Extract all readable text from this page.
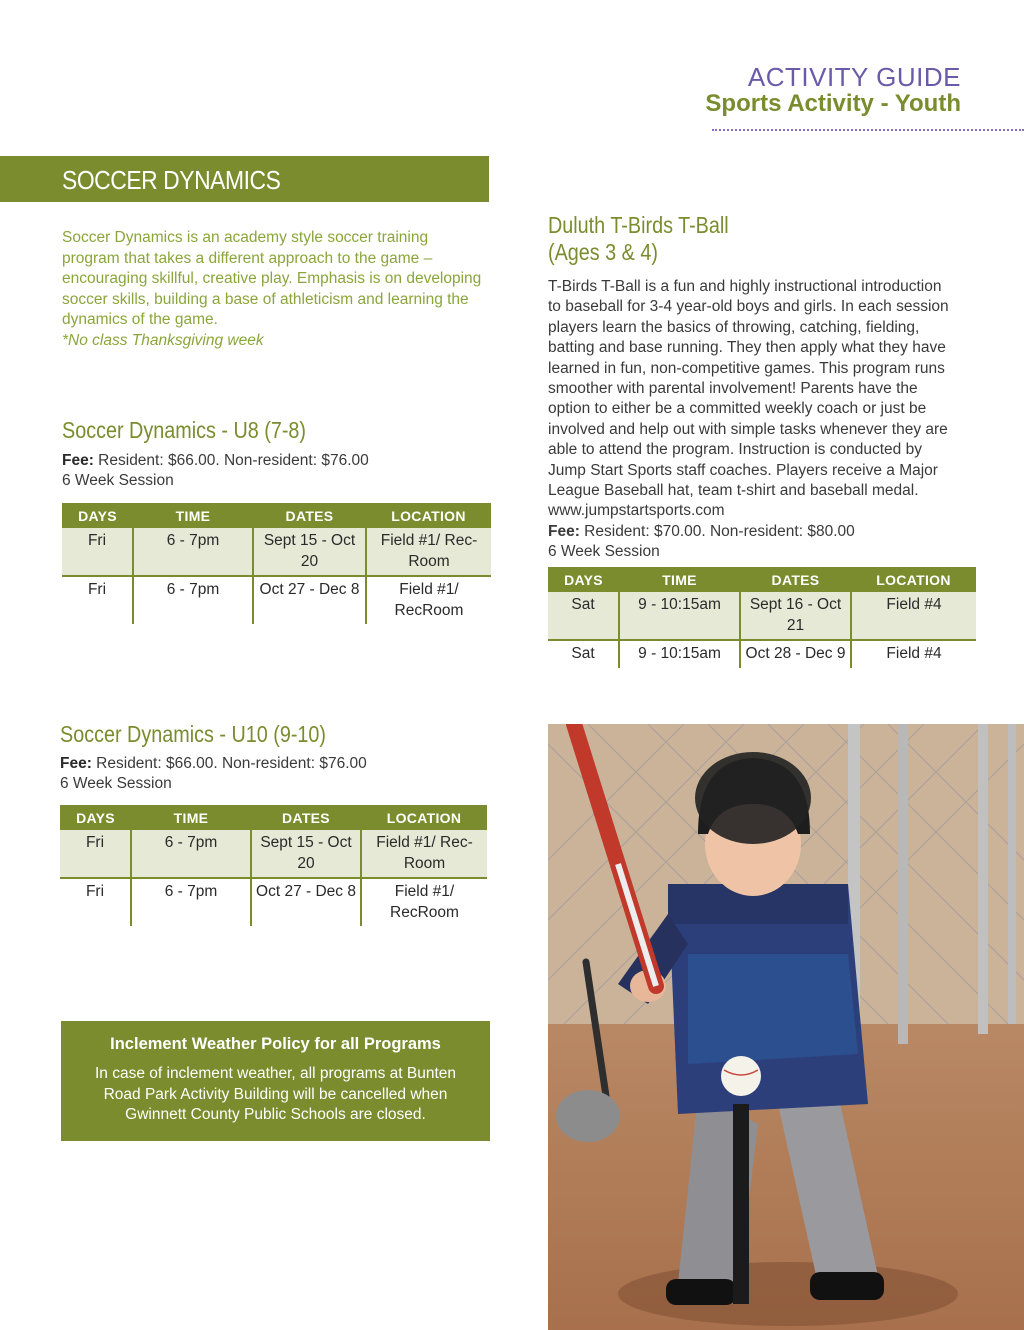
ACTIVITY GUIDE
Sports Activity - Youth
SOCCER DYNAMICS
Soccer Dynamics is an academy style soccer training program that takes a different approach to the game – encouraging skillful, creative play. Emphasis is on developing soccer skills, building a base of athleticism and learning the dynamics of the game.
*No class Thanksgiving week
Soccer Dynamics - U8 (7-8)
Fee: Resident: $66.00. Non-resident: $76.00
6 Week Session
DAYS	TIME	DATES	LOCATION
Fri	6 - 7pm	Sept 15 - Oct 20	Field #1/ Rec-Room
Fri	6 - 7pm	Oct 27 - Dec 8	Field #1/ RecRoom
Soccer Dynamics - U10 (9-10)
Fee: Resident: $66.00. Non-resident: $76.00
6 Week Session
DAYS	TIME	DATES	LOCATION
Fri	6 - 7pm	Sept 15 - Oct 20	Field #1/ Rec-Room
Fri	6 - 7pm	Oct 27 - Dec 8	Field #1/ RecRoom
Duluth T-Birds T-Ball
(Ages 3 & 4)
T-Birds T-Ball is a fun and highly instructional introduction to baseball for 3-4 year-old boys and girls. In each session players learn the basics of throwing, catching, fielding, batting and base running. They then apply what they have learned in fun, non-competitive games. This program runs smoother with parental involvement! Parents have the option to either be a committed weekly coach or just be involved and help out with simple tasks whenever they are able to attend the program. Instruction is conducted by Jump Start Sports staff coaches. Players receive a Major League Baseball hat, team t-shirt and baseball medal.
www.jumpstartsports.com
Fee: Resident: $70.00. Non-resident: $80.00
6 Week Session
DAYS	TIME	DATES	LOCATION
Sat	9 - 10:15am	Sept 16 - Oct 21	Field #4
Sat	9 - 10:15am	Oct 28 - Dec 9	Field #4
Inclement Weather Policy for all Programs
In case of inclement weather, all programs at Bunten Road Park Activity Building will be cancelled when Gwinnett County Public Schools are closed.
